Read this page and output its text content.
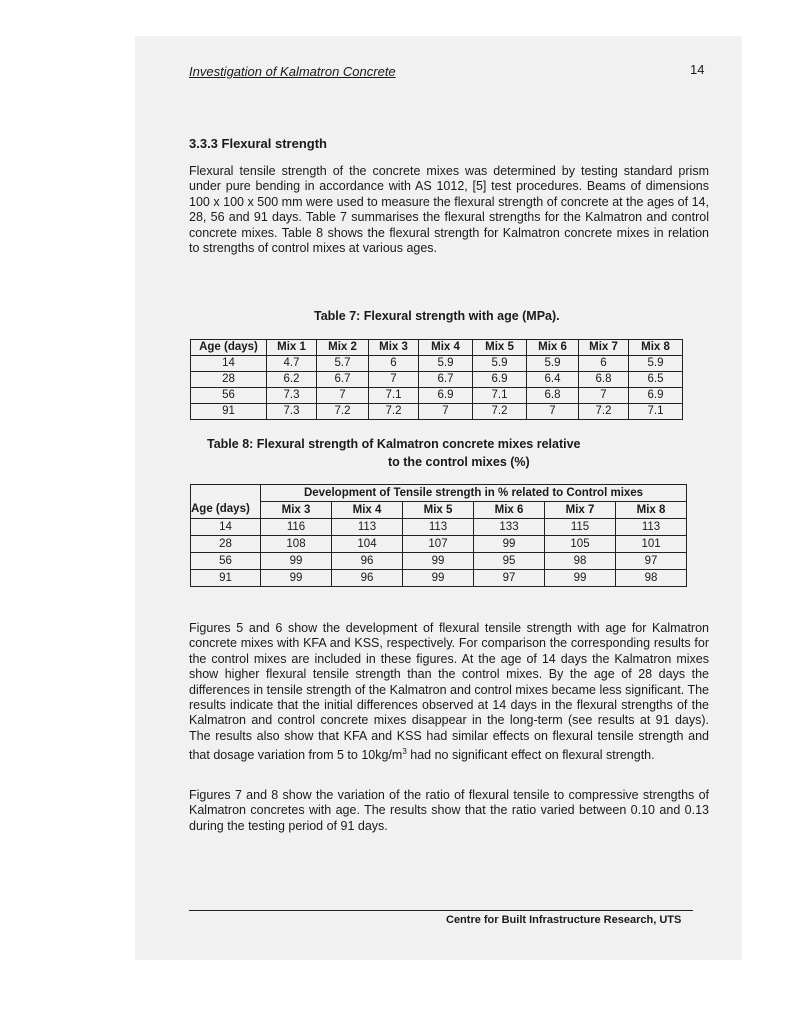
Investigation of Kalmatron Concrete	14
3.3.3 Flexural strength

Flexural tensile strength of the concrete mixes was determined by testing standard prism under pure bending in accordance with AS 1012, [5] test procedures. Beams of dimensions 100 x 100 x 500 mm were used to measure the flexural strength of concrete at the ages of 14, 28, 56 and 91 days. Table 7 summarises the flexural strengths for the Kalmatron and control concrete mixes. Table 8 shows the flexural strength for Kalmatron concrete mixes in relation to strengths of control mixes at various ages.

Table 7: Flexural strength with age (MPa).

Age (days)	Mix 1	Mix 2	Mix 3	Mix 4	Mix 5	Mix 6	Mix 7	Mix 8
14	4.7	5.7	6	5.9	5.9	5.9	6	5.9
28	6.2	6.7	7	6.7	6.9	6.4	6.8	6.5
56	7.3	7	7.1	6.9	7.1	6.8	7	6.9
91	7.3	7.2	7.2	7	7.2	7	7.2	7.1

Table 8: Flexural strength of Kalmatron concrete mixes relative

to the control mixes (%)

	Development of Tensile strength in % related to Control mixes					
Age (days)	Mix 3	Mix 4	Mix 5	Mix 6	Mix 7	Mix 8
14	116	113	113	133	115	113
28	108	104	107	99	105	101
56	99	96	99	95	98	97
91	99	96	99	97	99	98

Figures 5 and 6 show the development of flexural tensile strength with age for Kalmatron concrete mixes with KFA and KSS, respectively. For comparison the corresponding results for the control mixes are included in these figures. At the age of 14 days the Kalmatron mixes show higher flexural tensile strength than the control mixes. By the age of 28 days the differences in tensile strength of the Kalmatron and control mixes became less significant. The results indicate that the initial differences observed at 14 days in the flexural strengths of the Kalmatron and control concrete mixes disappear in the long-term (see results at 91 days). The results also show that KFA and KSS had similar effects on flexural tensile strength and that dosage variation from 5 to $10kg/m^3$ had no significant effect on flexural strength.

Figures 7 and 8 show the variation of the ratio of flexural tensile to compressive strengths of Kalmatron concretes with age. The results show that the ratio varied between 0.10 and 0.13 during the testing period of 91 days.

Centre for Built Infrastructure Research, UTS
